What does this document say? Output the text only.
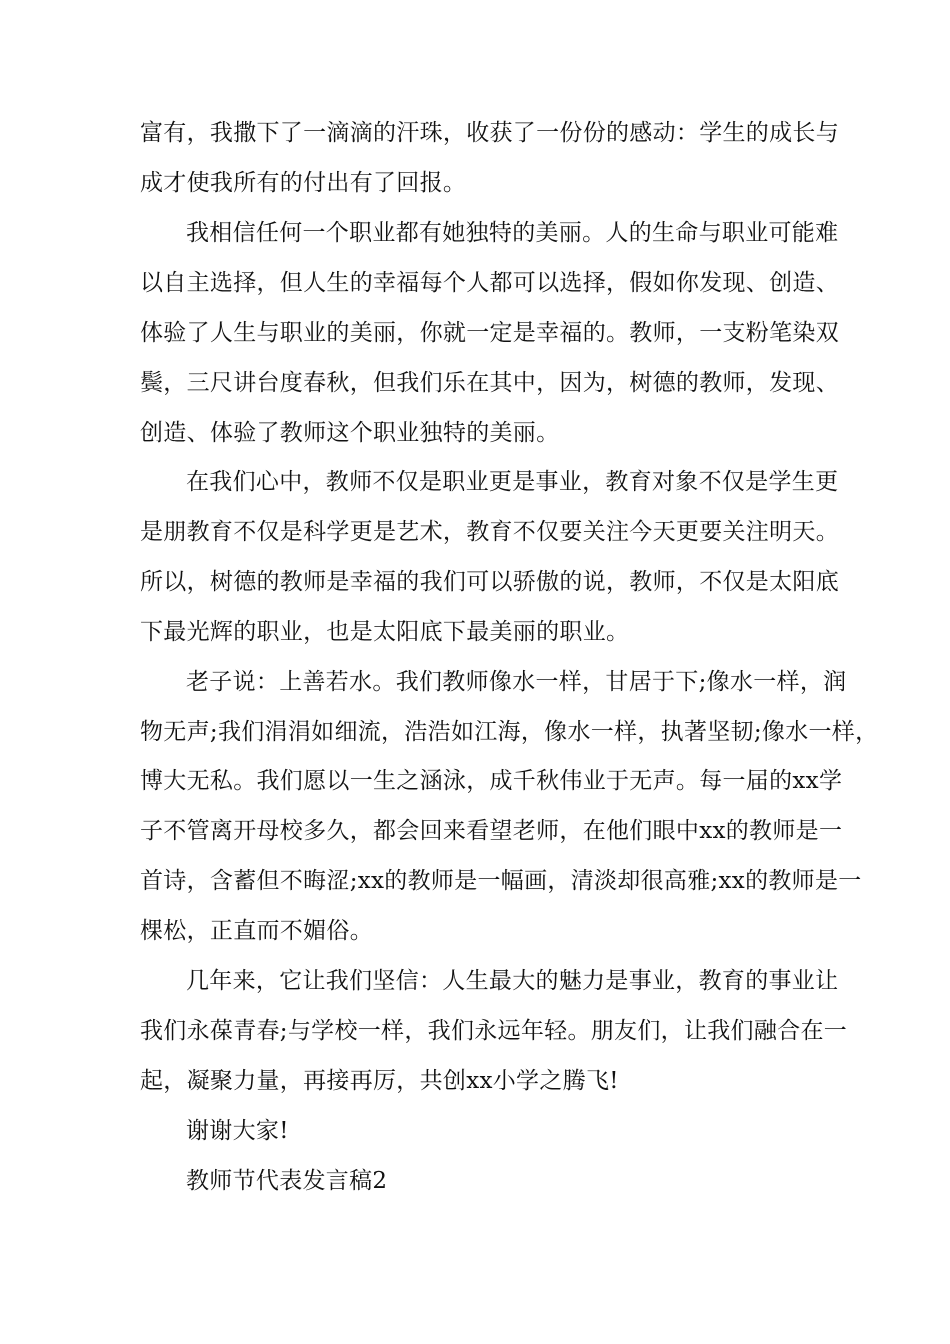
富有，我撒下了一滴滴的汗珠，收获了一份份的感动：学生的成长与
成才使我所有的付出有了回报。
我相信任何一个职业都有她独特的美丽。人的生命与职业可能难
以自主选择，但人生的幸福每个人都可以选择，假如你发现、创造、
体验了人生与职业的美丽，你就一定是幸福的。教师，一支粉笔染双
鬓，三尺讲台度春秋，但我们乐在其中，因为，树德的教师，发现、
创造、体验了教师这个职业独特的美丽。
在我们心中，教师不仅是职业更是事业，教育对象不仅是学生更
是朋教育不仅是科学更是艺术，教育不仅要关注今天更要关注明天。
所以，树德的教师是幸福的我们可以骄傲的说，教师，不仅是太阳底
下最光辉的职业，也是太阳底下最美丽的职业。
老子说：上善若水。我们教师像水一样，甘居于下;像水一样，润
物无声;我们涓涓如细流，浩浩如江海，像水一样，执著坚韧;像水一样，
博大无私。我们愿以一生之涵泳，成千秋伟业于无声。每一届的xx学
子不管离开母校多久，都会回来看望老师，在他们眼中xx的教师是一
首诗，含蓄但不晦涩;xx的教师是一幅画，清淡却很高雅;xx的教师是一
棵松，正直而不媚俗。
几年来，它让我们坚信：人生最大的魅力是事业，教育的事业让
我们永葆青春;与学校一样，我们永远年轻。朋友们，让我们融合在一
起，凝聚力量，再接再厉，共创xx小学之腾飞!
谢谢大家!
教师节代表发言稿2
